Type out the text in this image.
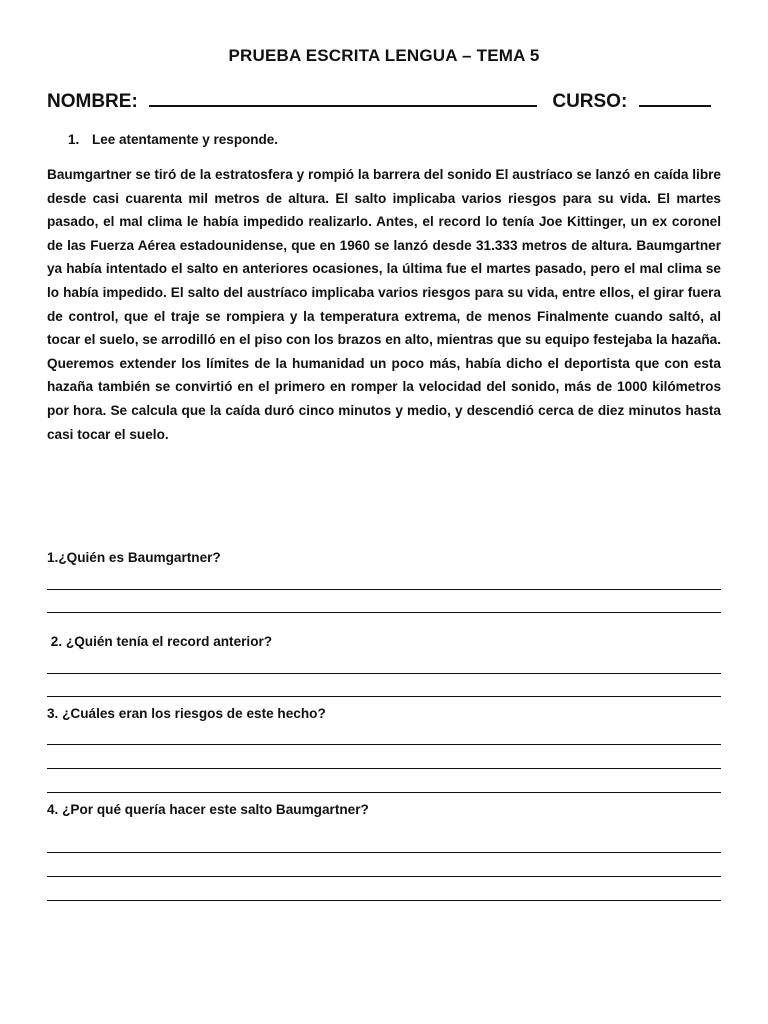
PRUEBA ESCRITA LENGUA – TEMA 5
NOMBRE:	CURSO:
1. Lee atentamente y responde.

Baumgartner se tiró de la estratosfera y rompió la barrera del sonido El austríaco se lanzó en caída libre desde casi cuarenta mil metros de altura. El salto implicaba varios riesgos para su vida. El martes pasado, el mal clima le había impedido realizarlo. Antes, el record lo tenía Joe Kittinger, un ex coronel de las Fuerza Aérea estadounidense, que en 1960 se lanzó desde 31.333 metros de altura. Baumgartner ya había intentado el salto en anteriores ocasiones, la última fue el martes pasado, pero el mal clima se lo había impedido. El salto del austríaco implicaba varios riesgos para su vida, entre ellos, el girar fuera de control, que el traje se rompiera y la temperatura extrema, de menos Finalmente cuando saltó, al tocar el suelo, se arrodilló en el piso con los brazos en alto, mientras que su equipo festejaba la hazaña. Queremos extender los límites de la humanidad un poco más, había dicho el deportista que con esta hazaña también se convirtió en el primero en romper la velocidad del sonido, más de 1000 kilómetros por hora. Se calcula que la caída duró cinco minutos y medio, y descendió cerca de diez minutos hasta casi tocar el suelo.

1.¿Quién es Baumgartner?
2. ¿Quién tenía el record anterior?
3. ¿Cuáles eran los riesgos de este hecho?
4. ¿Por qué quería hacer este salto Baumgartner?
